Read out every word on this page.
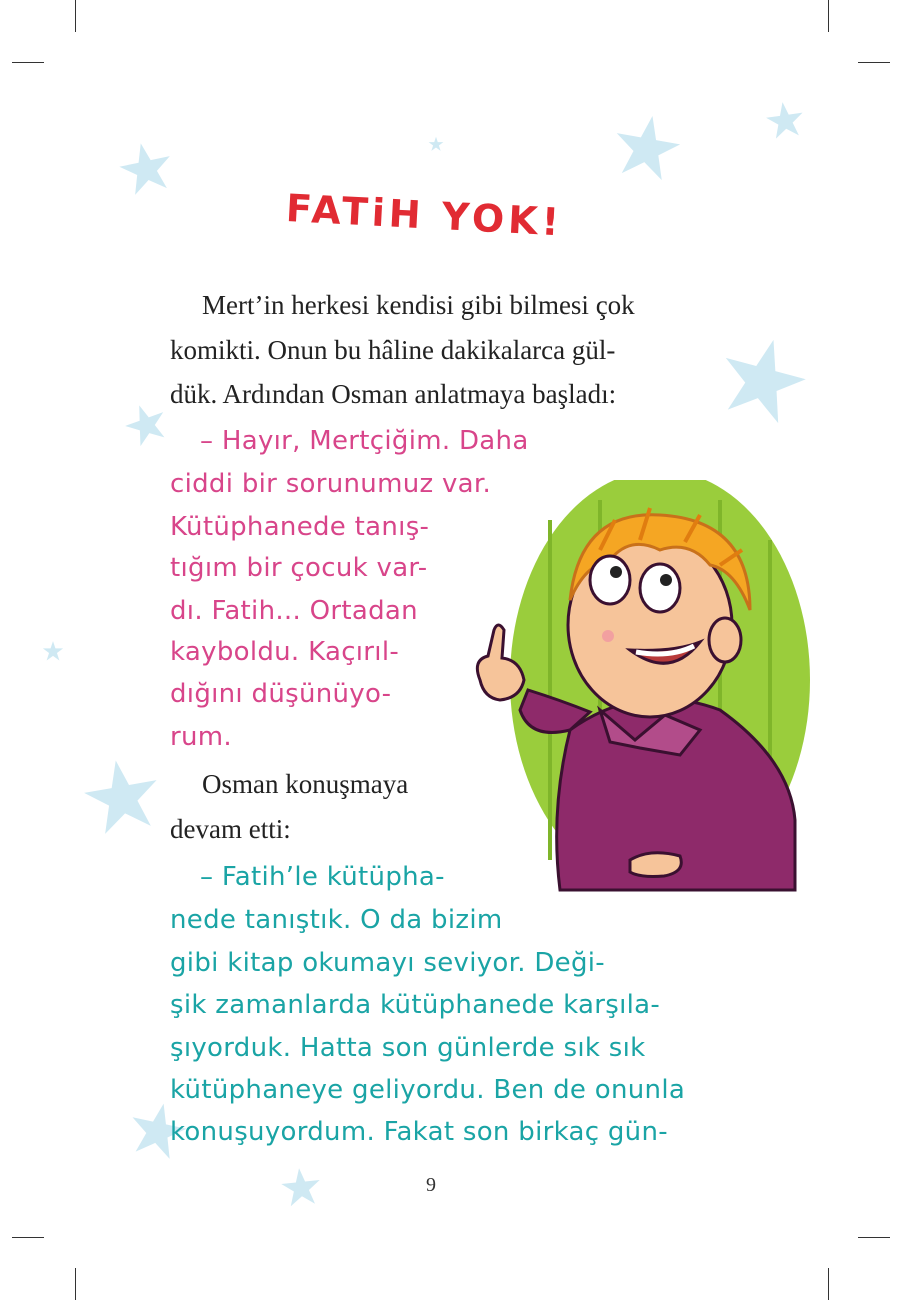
FATiH YOK!
Mert’in herkesi kendisi gibi bilmesi çok
komikti. Onun bu hâline dakikalarca gül-
dük. Ardından Osman anlatmaya başladı:
– Hayır, Mertçiğim. Daha
ciddi bir sorunumuz var.
Kütüphanede tanış-
tığım bir çocuk var-
dı. Fatih... Ortadan
kayboldu. Kaçırıl-
dığını düşünüyo-
rum.
Osman konuşmaya
devam etti:
– Fatih’le kütüpha-
nede tanıştık. O da bizim
gibi kitap okumayı seviyor. Deği-
şik zamanlarda kütüphanede karşıla-
şıyorduk. Hatta son günlerde sık sık
kütüphaneye geliyordu. Ben de onunla
konuşuyordum. Fakat son birkaç gün-
9
